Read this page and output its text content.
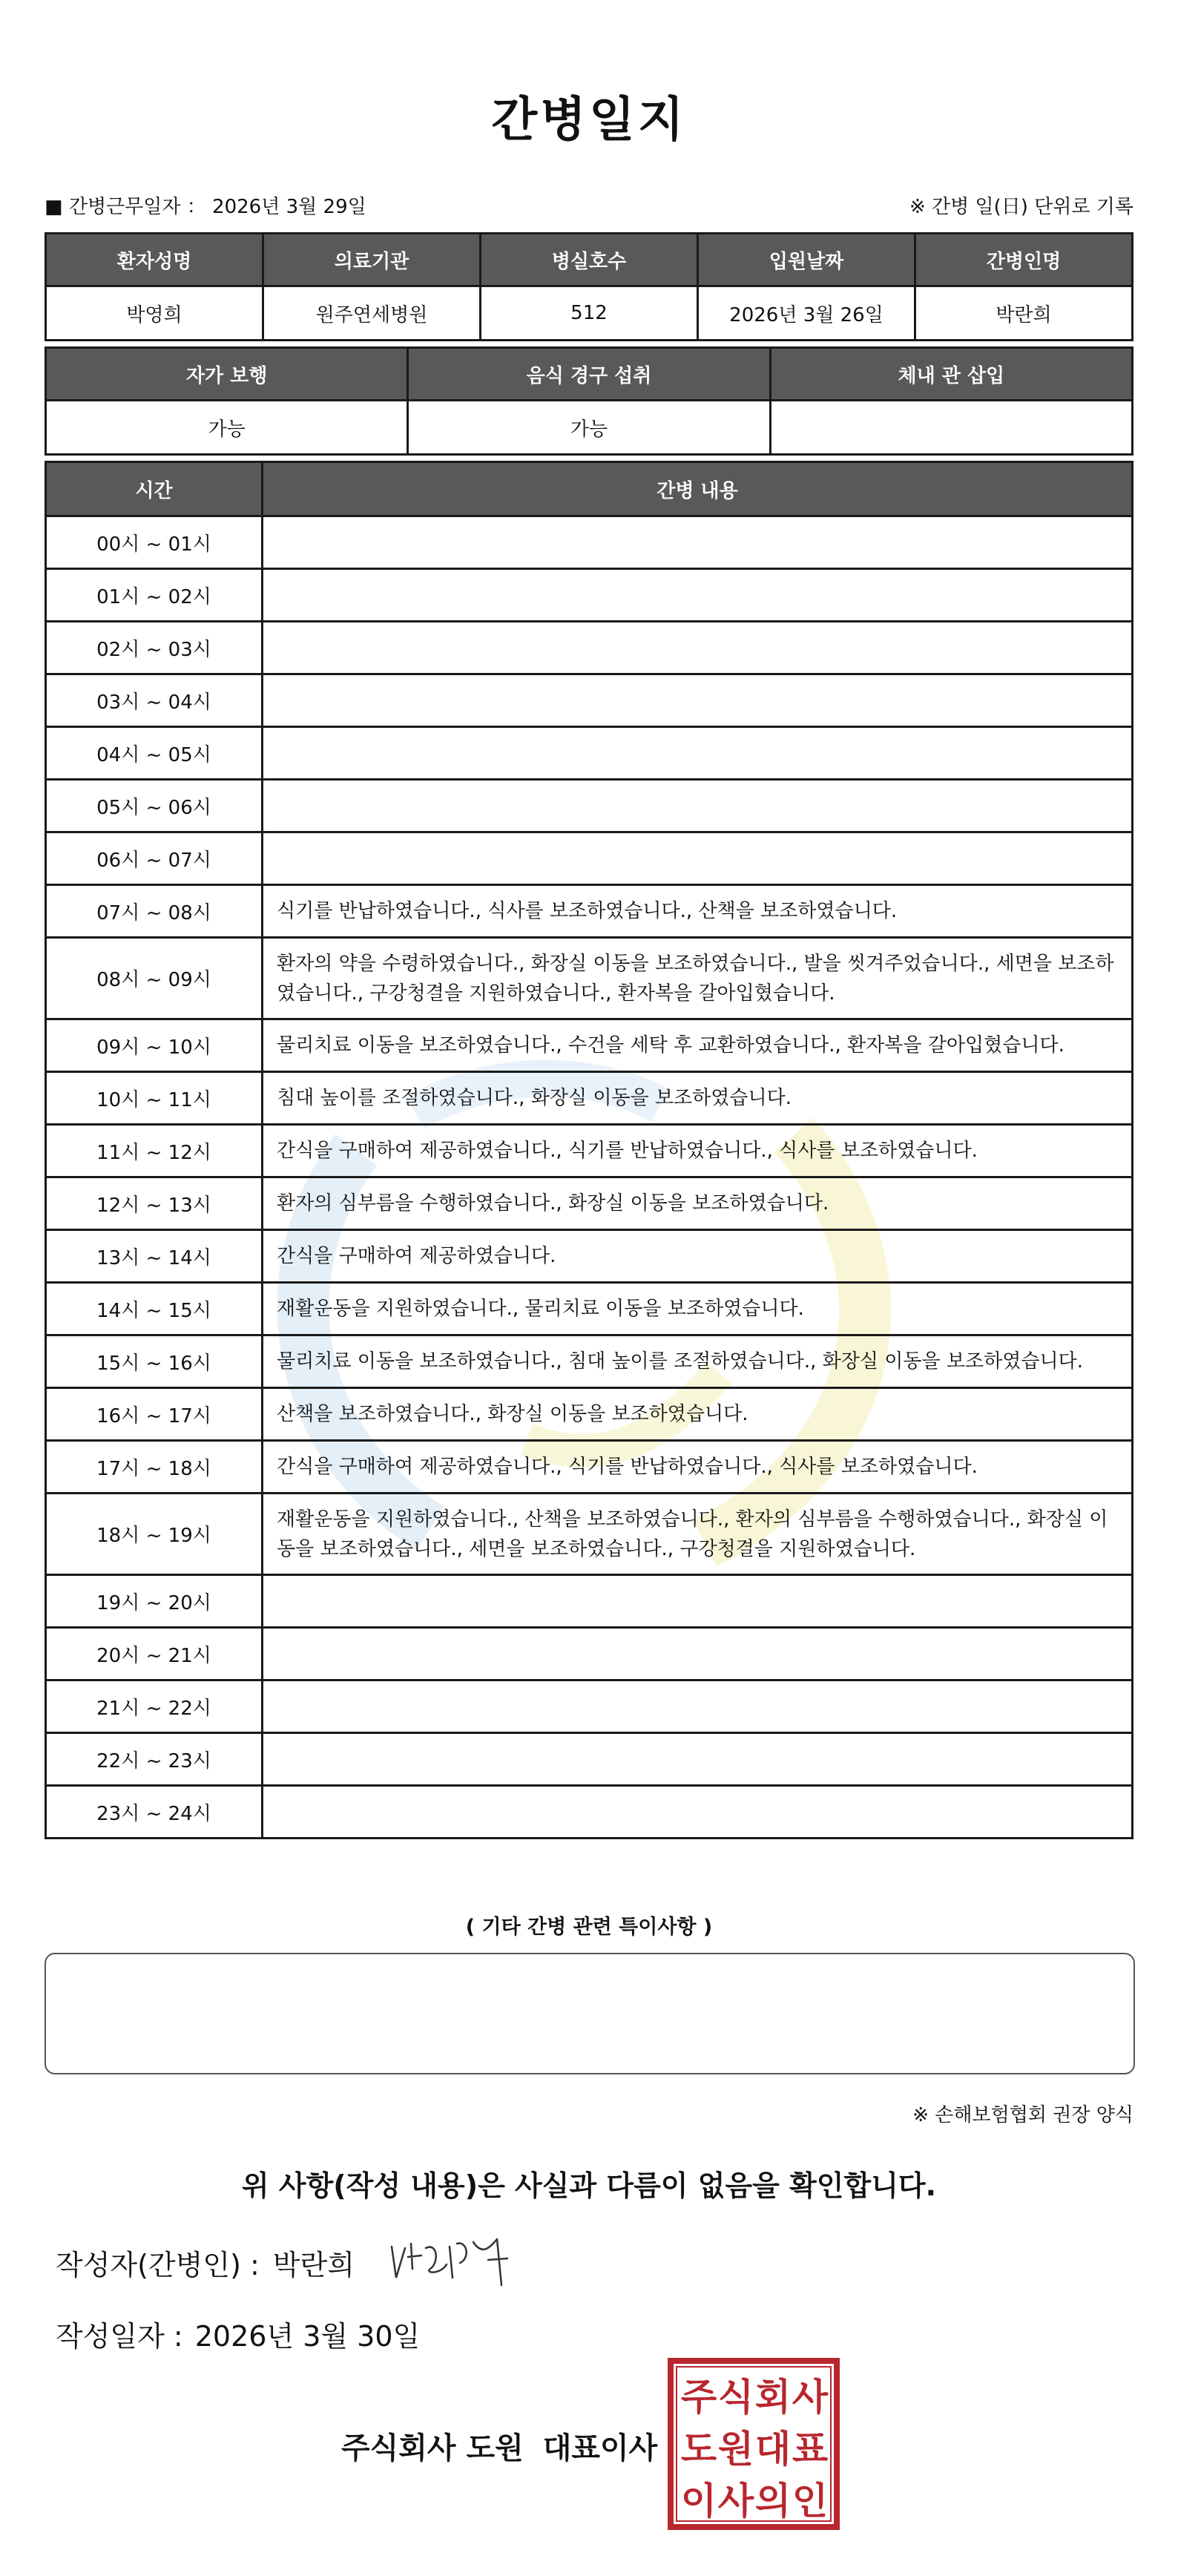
간병일지
■ 간병근무일자 ： 2026년 3월 29일	※ 간병 일(日) 단위로 기록
환자성명	의료기관	병실호수	입원날짜	간병인명
박영희	원주연세병원	512	2026년 3월 26일	박란희
자가 보행	음식 경구 섭취	체내 관 삽입
가능	가능	
시간	간병 내용
00시 ~ 01시	
01시 ~ 02시	
02시 ~ 03시	
03시 ~ 04시	
04시 ~ 05시	
05시 ~ 06시	
06시 ~ 07시	
07시 ~ 08시	식기를 반납하였습니다., 식사를 보조하였습니다., 산책을 보조하였습니다.
08시 ~ 09시	환자의 약을 수령하였습니다., 화장실 이동을 보조하였습니다., 발을 씻겨주었습니다., 세면을 보조하였습니다., 구강청결을 지원하였습니다., 환자복을 갈아입혔습니다.
09시 ~ 10시	물리치료 이동을 보조하였습니다., 수건을 세탁 후 교환하였습니다., 환자복을 갈아입혔습니다.
10시 ~ 11시	침대 높이를 조절하였습니다., 화장실 이동을 보조하였습니다.
11시 ~ 12시	간식을 구매하여 제공하였습니다., 식기를 반납하였습니다., 식사를 보조하였습니다.
12시 ~ 13시	환자의 심부름을 수행하였습니다., 화장실 이동을 보조하였습니다.
13시 ~ 14시	간식을 구매하여 제공하였습니다.
14시 ~ 15시	재활운동을 지원하였습니다., 물리치료 이동을 보조하였습니다.
15시 ~ 16시	물리치료 이동을 보조하였습니다., 침대 높이를 조절하였습니다., 화장실 이동을 보조하였습니다.
16시 ~ 17시	산책을 보조하였습니다., 화장실 이동을 보조하였습니다.
17시 ~ 18시	간식을 구매하여 제공하였습니다., 식기를 반납하였습니다., 식사를 보조하였습니다.
18시 ~ 19시	재활운동을 지원하였습니다., 산책을 보조하였습니다., 환자의 심부름을 수행하였습니다., 화장실 이동을 보조하였습니다., 세면을 보조하였습니다., 구강청결을 지원하였습니다.
19시 ~ 20시	
20시 ~ 21시	
21시 ~ 22시	
22시 ~ 23시	
23시 ~ 24시	
( 기타 간병 관련 특이사항 )
※ 손해보험협회 권장 양식
위 사항(작성 내용)은 사실과 다름이 없음을 확인합니다.
작성자(간병인) : 박란희
작성일자 : 2026년 3월 30일
주식회사 도원 대표이사
주 식 회 사
도 원 대 표
이 사 의 인
